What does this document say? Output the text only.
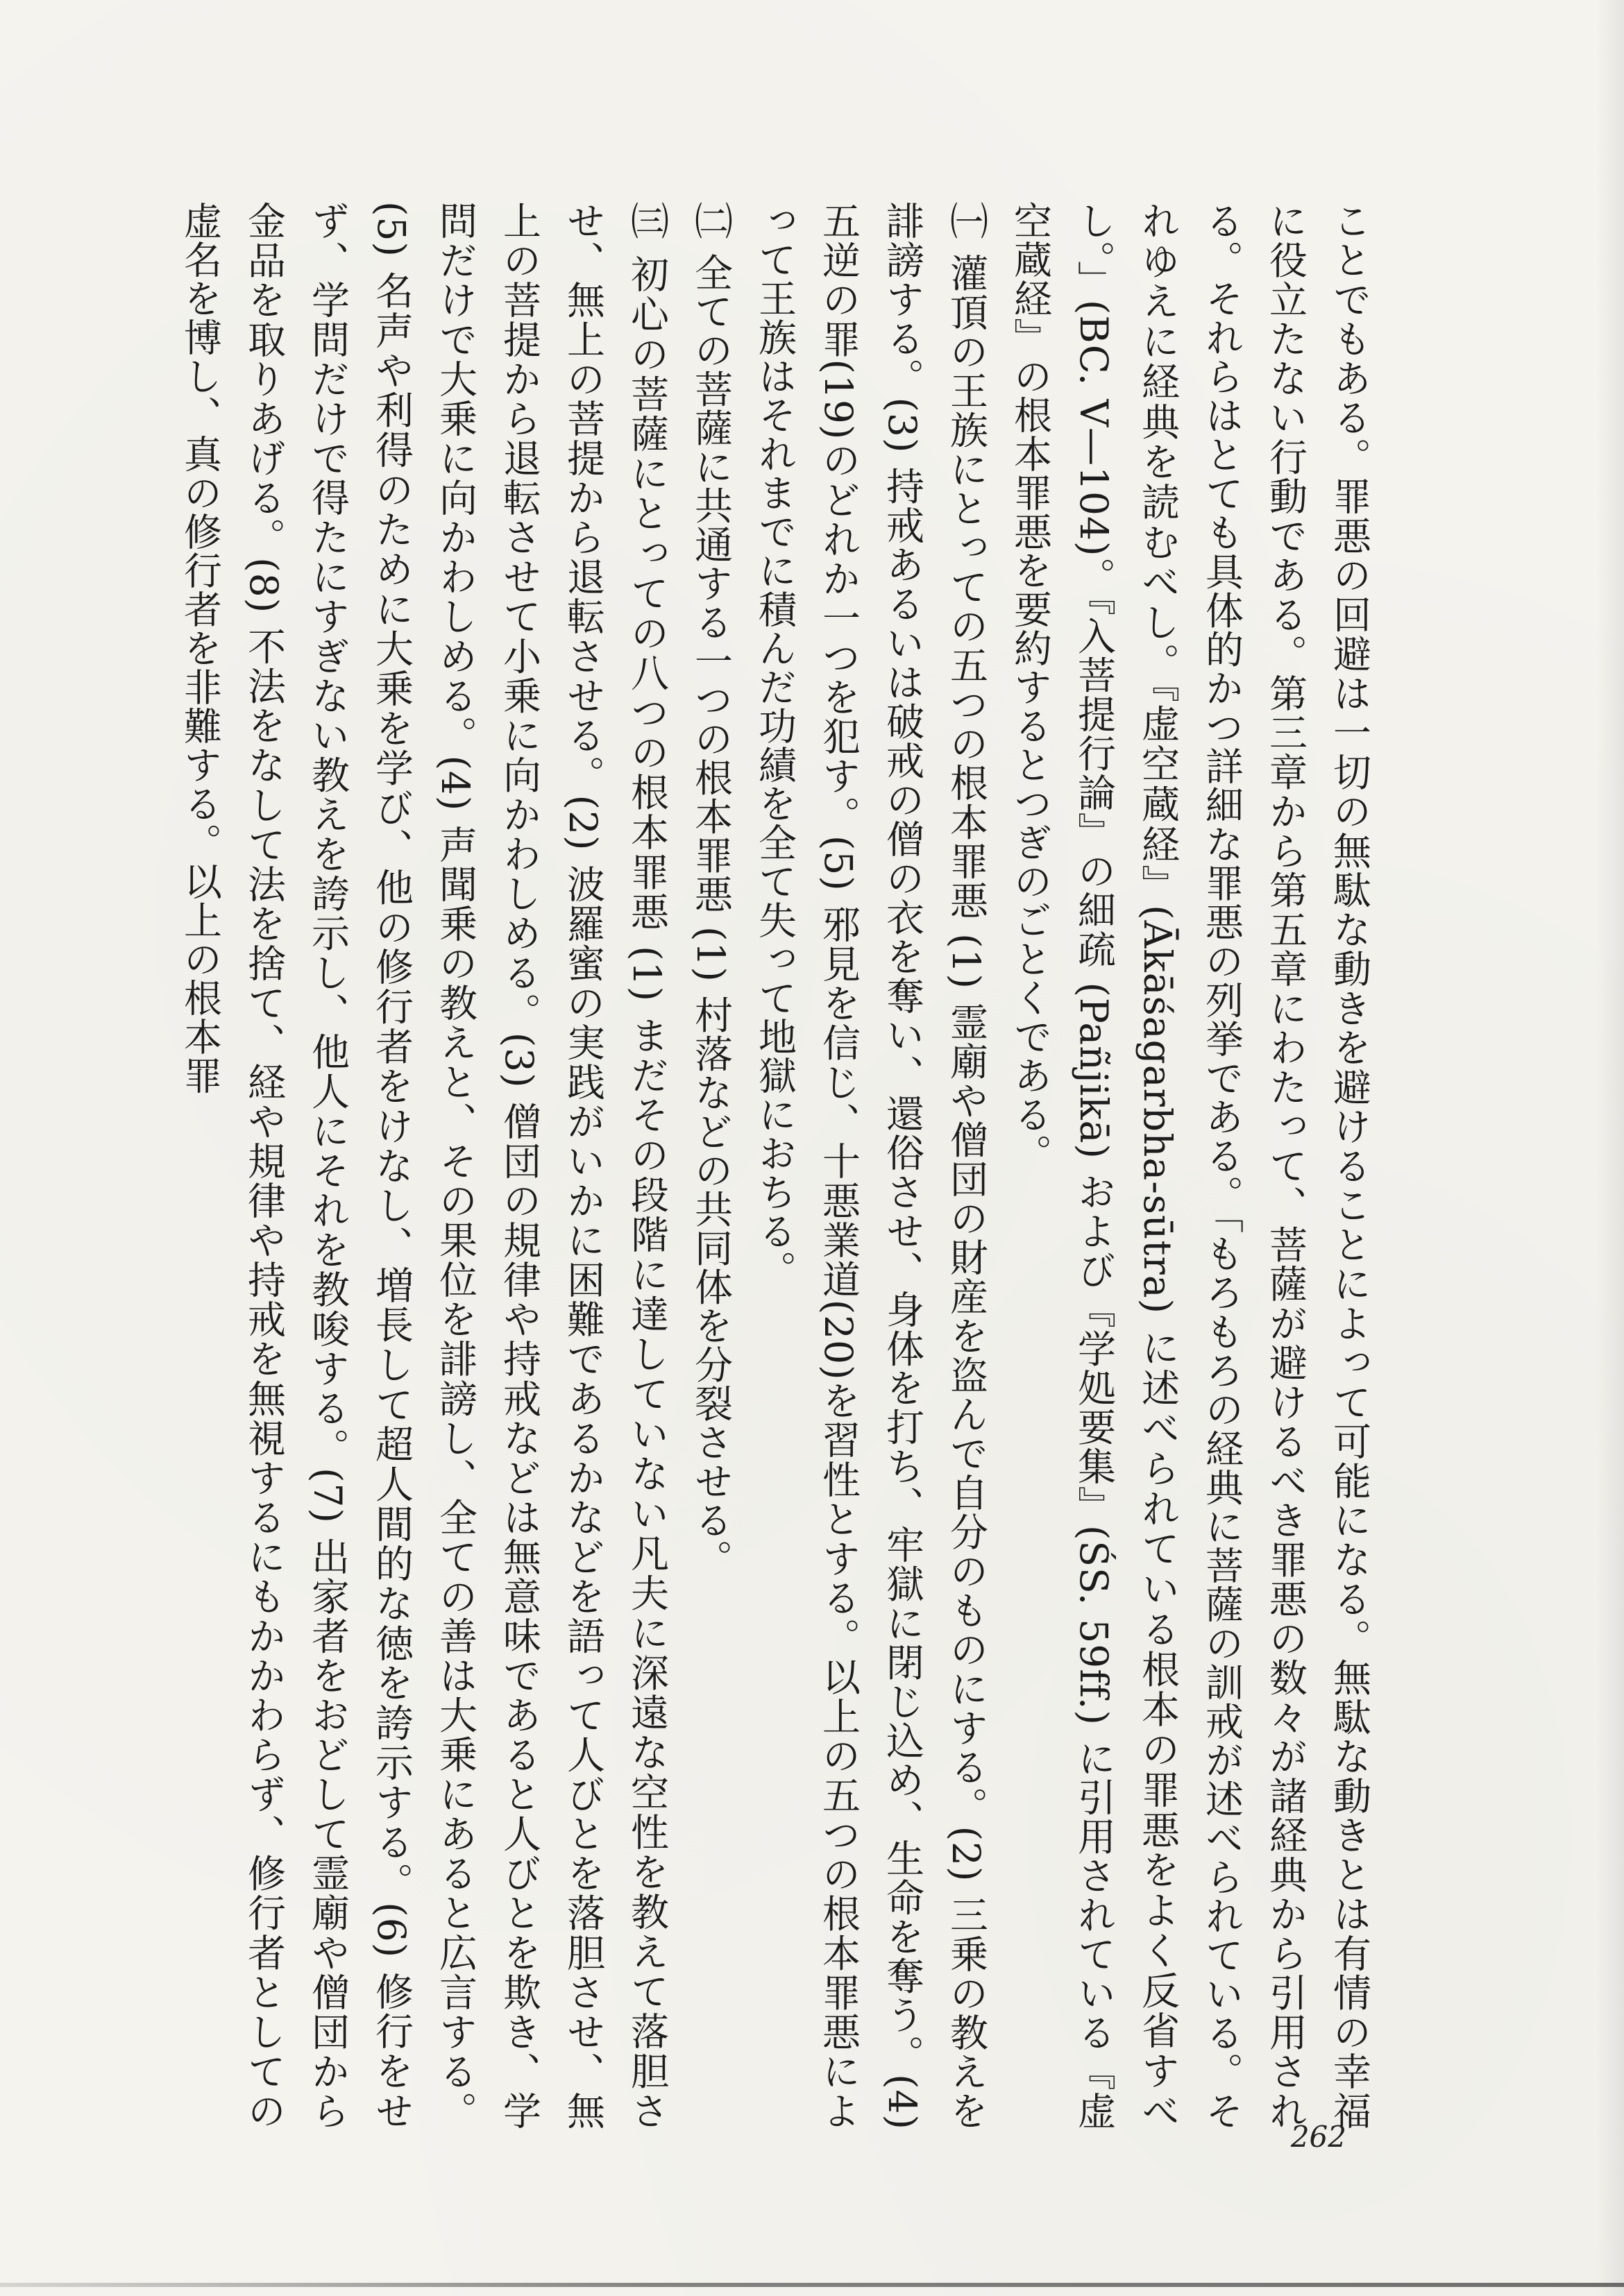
ことでもある。罪悪の回避は一切の無駄な動きを避けることによって可能になる。無駄な動きとは有情の幸福に役立たない行動である。第三章から第五章にわたって、菩薩が避けるべき罪悪の数々が諸経典から引用される。それらはとても具体的かつ詳細な罪悪の列挙である。「もろもろの経典に菩薩の訓戒が述べられている。それゆえに経典を読むべし。『虚空蔵経』(Ākāśagarbha-sūtra) に述べられている根本の罪悪をよく反省すべし。」(BC. V—104)。『入菩提行論』の細疏 (Pañjikā) および『学処要集』(ŚS. 59ff.) に引用されている『虚空蔵経』の根本罪悪を要約するとつぎのごとくである。

㈠ 灌頂の王族にとっての五つの根本罪悪 (1) 霊廟や僧団の財産を盗んで自分のものにする。(2) 三乗の教えを誹謗する。(3) 持戒あるいは破戒の僧の衣を奪い、還俗させ、身体を打ち、牢獄に閉じ込め、生命を奪う。(4) 五逆の罪(19)のどれか一つを犯す。(5) 邪見を信じ、十悪業道(20)を習性とする。以上の五つの根本罪悪によって王族はそれまでに積んだ功績を全て失って地獄におちる。

㈡ 全ての菩薩に共通する一つの根本罪悪 (1) 村落などの共同体を分裂させる。

㈢ 初心の菩薩にとっての八つの根本罪悪 (1) まだその段階に達していない凡夫に深遠な空性を教えて落胆させ、無上の菩提から退転させる。(2) 波羅蜜の実践がいかに困難であるかなどを語って人びとを落胆させ、無上の菩提から退転させて小乗に向かわしめる。(3) 僧団の規律や持戒などは無意味であると人びとを欺き、学問だけで大乗に向かわしめる。(4) 声聞乗の教えと、その果位を誹謗し、全ての善は大乗にあると広言する。(5) 名声や利得のために大乗を学び、他の修行者をけなし、増長して超人間的な徳を誇示する。(6) 修行をせず、学問だけで得たにすぎない教えを誇示し、他人にそれを教唆する。(7) 出家者をおどして霊廟や僧団から金品を取りあげる。(8) 不法をなして法を捨て、経や規律や持戒を無視するにもかかわらず、修行者としての虚名を博し、真の修行者を非難する。以上の根本罪

262
